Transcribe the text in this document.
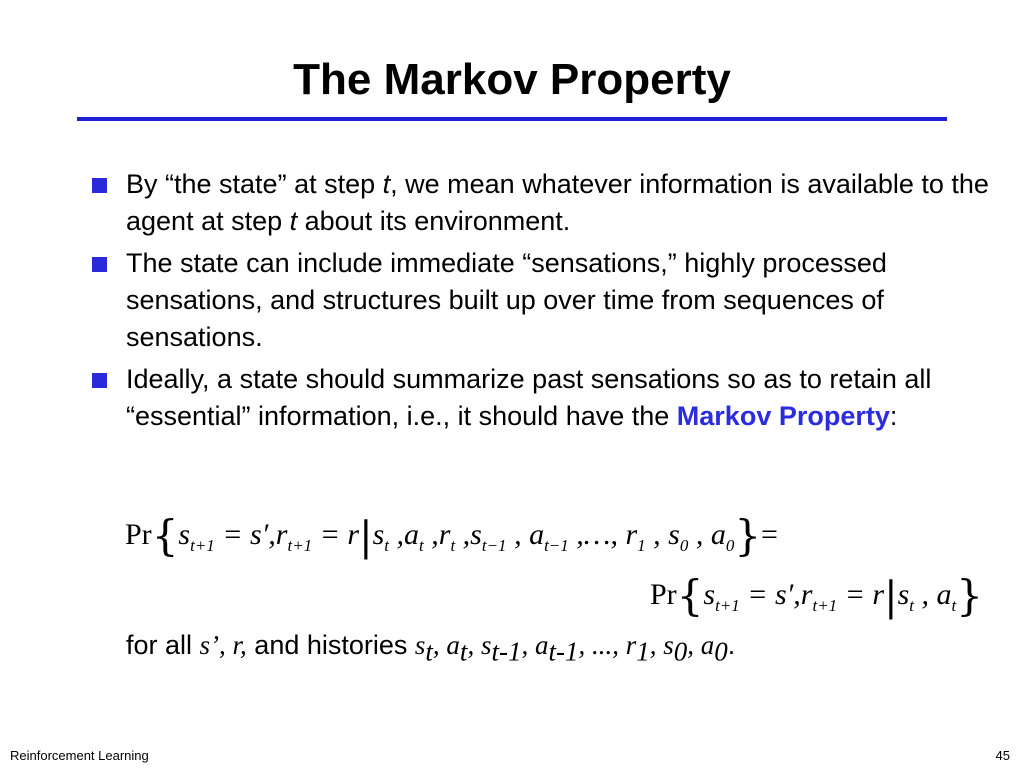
The Markov Property
By “the state” at step t, we mean whatever information is available to the agent at step t about its environment.
The state can include immediate “sensations,” highly processed sensations, and structures built up over time from sequences of sensations.
Ideally, a state should summarize past sensations so as to retain all “essential” information, i.e., it should have the Markov Property:
$Pr\{s_{t+1} = s',r_{t+1} = r|s_t$ $,a_t$ $,r_t$ $,s_{t-1}$ , $a_{t-1}$ ,…, $r_1$ , $s_0$ , $a_0\}=$
$Pr\{s_{t+1} = s',r_{t+1} = r|s_t$ , $a_t$}
for all s’, r, and histories $s_t$, $a_t$, $s_{t-1}$, $a_{t-1}$, ..., $r_1$, $s_0$, $a_0$.
Reinforcement Learning	45
